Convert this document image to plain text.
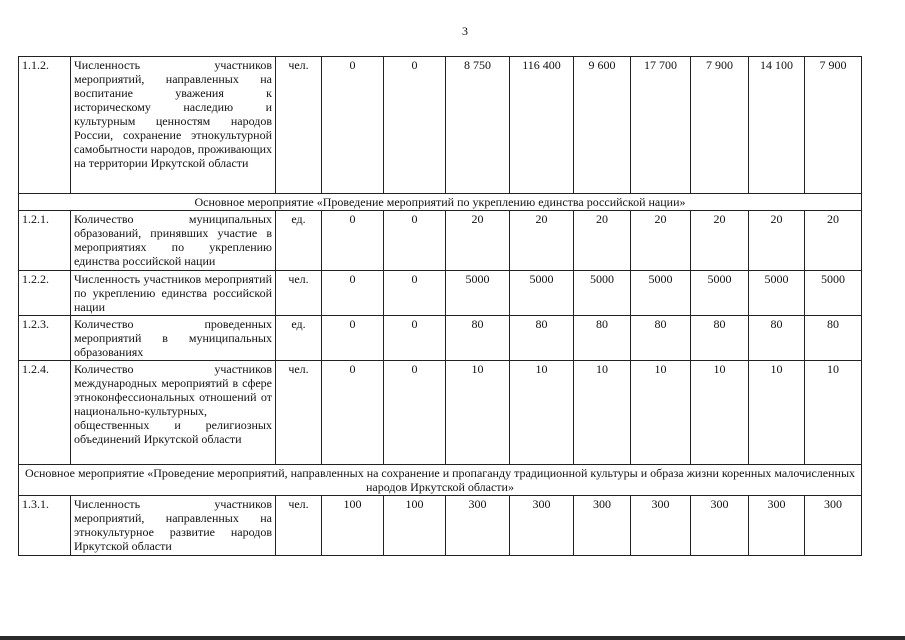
3
1.1.2.	Численность участников мероприятий, направленных на воспитание уважения к историческому наследию и культурным ценностям народов России, сохранение этнокультурной самобытности народов, проживающих на территории Иркутской области	чел.	0	0	8 750	116 400	9 600	17 700	7 900	14 100	7 900
Основное мероприятие «Проведение мероприятий по укреплению единства российской нации»											
1.2.1.	Количество муниципальных образований, принявших участие в мероприятиях по укреплению единства российской нации	ед.	0	0	20	20	20	20	20	20	20
1.2.2.	Численность участников мероприятий по укреплению единства российской нации	чел.	0	0	5000	5000	5000	5000	5000	5000	5000
1.2.3.	Количество проведенных мероприятий в муниципальных образованиях	ед.	0	0	80	80	80	80	80	80	80
1.2.4.	Количество участников международных мероприятий в сфере этноконфессиональных отношений от национально-культурных, общественных и религиозных объединений Иркутской области	чел.	0	0	10	10	10	10	10	10	10
Основное мероприятие «Проведение мероприятий, направленных на сохранение и пропаганду традиционной культуры и образа жизни коренных малочисленных народов Иркутской области»											
1.3.1.	Численность участников мероприятий, направленных на этнокультурное развитие народов Иркутской области	чел.	100	100	300	300	300	300	300	300	300
